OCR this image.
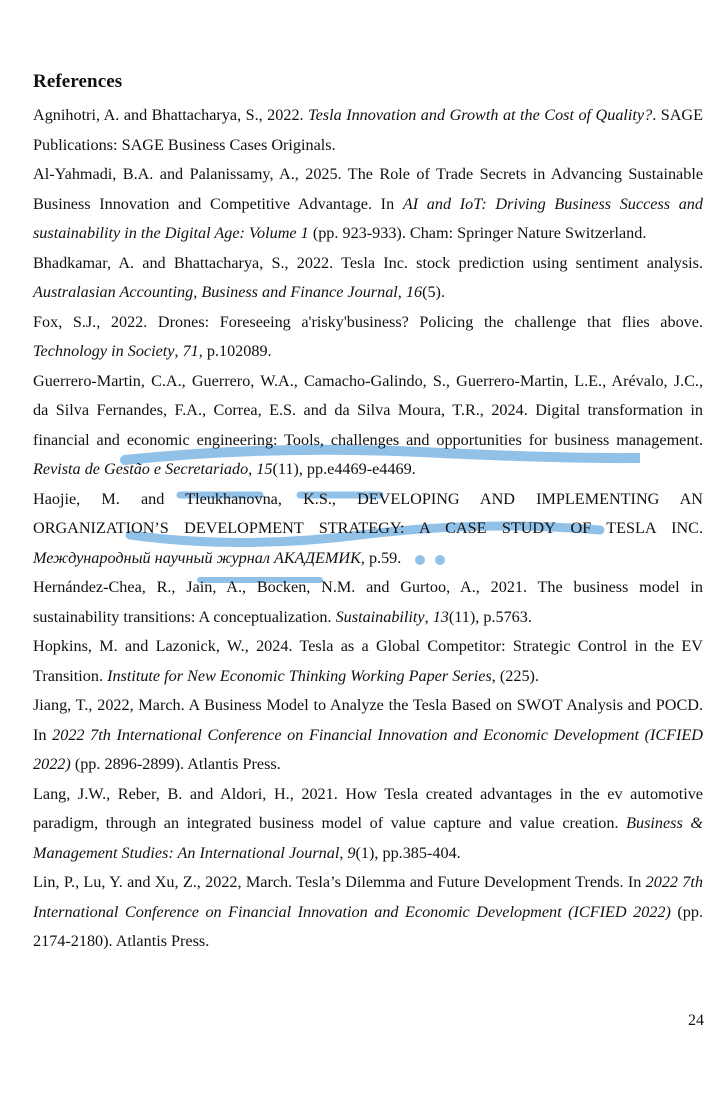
References

Agnihotri, A. and Bhattacharya, S., 2022. Tesla Innovation and Growth at the Cost of Quality?. SAGE Publications: SAGE Business Cases Originals.

Al-Yahmadi, B.A. and Palanissamy, A., 2025. The Role of Trade Secrets in Advancing Sustainable Business Innovation and Competitive Advantage. In AI and IoT: Driving Business Success and sustainability in the Digital Age: Volume 1 (pp. 923-933). Cham: Springer Nature Switzerland.

Bhadkamar, A. and Bhattacharya, S., 2022. Tesla Inc. stock prediction using sentiment analysis. Australasian Accounting, Business and Finance Journal, 16(5).

Fox, S.J., 2022. Drones: Foreseeing a'risky'business? Policing the challenge that flies above. Technology in Society, 71, p.102089.

Guerrero-Martin, C.A., Guerrero, W.A., Camacho-Galindo, S., Guerrero-Martin, L.E., Arévalo, J.C., da Silva Fernandes, F.A., Correa, E.S. and da Silva Moura, T.R., 2024. Digital transformation in financial and economic engineering: Tools, challenges and opportunities for business management. Revista de Gestão e Secretariado, 15(11), pp.e4469-e4469.

Haojie, M. and Tleukhanovna, K.S., DEVELOPING AND IMPLEMENTING AN ORGANIZATION’S DEVELOPMENT STRATEGY: A CASE STUDY OF TESLA INC. Международный научный журнал АКАДЕМИК, p.59.

Hernández-Chea, R., Jain, A., Bocken, N.M. and Gurtoo, A., 2021. The business model in sustainability transitions: A conceptualization. Sustainability, 13(11), p.5763.

Hopkins, M. and Lazonick, W., 2024. Tesla as a Global Competitor: Strategic Control in the EV Transition. Institute for New Economic Thinking Working Paper Series, (225).

Jiang, T., 2022, March. A Business Model to Analyze the Tesla Based on SWOT Analysis and POCD. In 2022 7th International Conference on Financial Innovation and Economic Development (ICFIED 2022) (pp. 2896-2899). Atlantis Press.

Lang, J.W., Reber, B. and Aldori, H., 2021. How Tesla created advantages in the ev automotive paradigm, through an integrated business model of value capture and value creation. Business & Management Studies: An International Journal, 9(1), pp.385-404.

Lin, P., Lu, Y. and Xu, Z., 2022, March. Tesla’s Dilemma and Future Development Trends. In 2022 7th International Conference on Financial Innovation and Economic Development (ICFIED 2022) (pp. 2174-2180). Atlantis Press.

24
